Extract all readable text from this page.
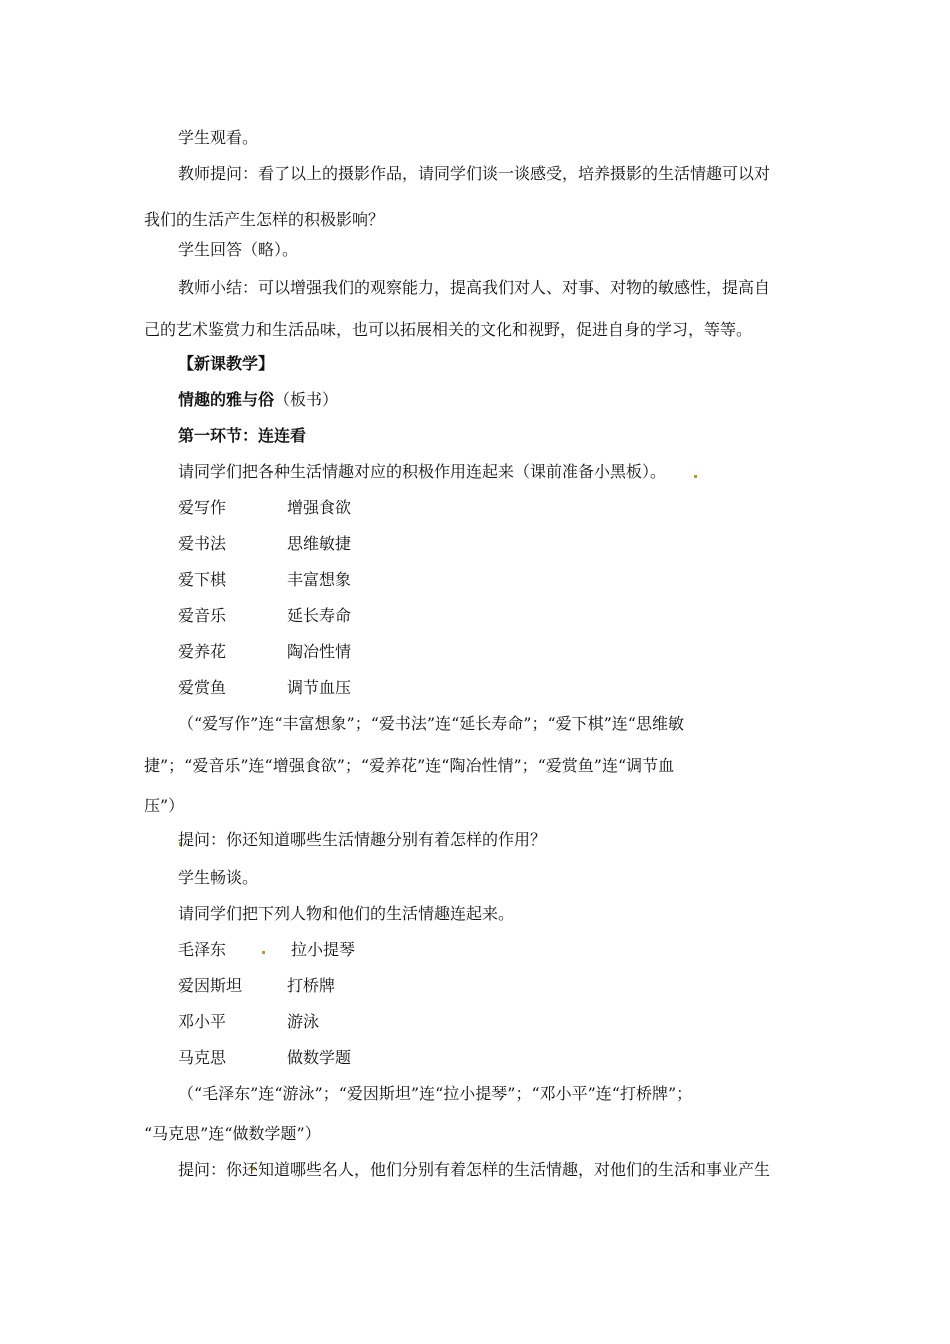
学生观看。
教师提问：看了以上的摄影作品，请同学们谈一谈感受，培养摄影的生活情趣可以对
我们的生活产生怎样的积极影响？
学生回答（略）。
教师小结：可以增强我们的观察能力，提高我们对人、对事、对物的敏感性，提高自
己的艺术鉴赏力和生活品味，也可以拓展相关的文化和视野，促进自身的学习，等等。
【新课教学】
情趣的雅与俗（板书）
第一环节：连连看
请同学们把各种生活情趣对应的积极作用连起来（课前准备小黑板）。
爱写作	增强食欲
爱书法	思维敏捷
爱下棋	丰富想象
爱音乐	延长寿命
爱养花	陶冶性情
爱赏鱼	调节血压
（“爱写作”连“丰富想象”；“爱书法”连“延长寿命”；“爱下棋”连“思维敏
捷”；“爱音乐”连“增强食欲”；“爱养花”连“陶冶性情”；“爱赏鱼”连“调节血
压”）
提问：你还知道哪些生活情趣分别有着怎样的作用？
学生畅谈。
请同学们把下列人物和他们的生活情趣连起来。
毛泽东	拉小提琴
爱因斯坦	打桥牌
邓小平	游泳
马克思	做数学题
（“毛泽东”连“游泳”；“爱因斯坦”连“拉小提琴”；“邓小平”连“打桥牌”；
“马克思”连“做数学题”）
提问：你还知道哪些名人，他们分别有着怎样的生活情趣，对他们的生活和事业产生
